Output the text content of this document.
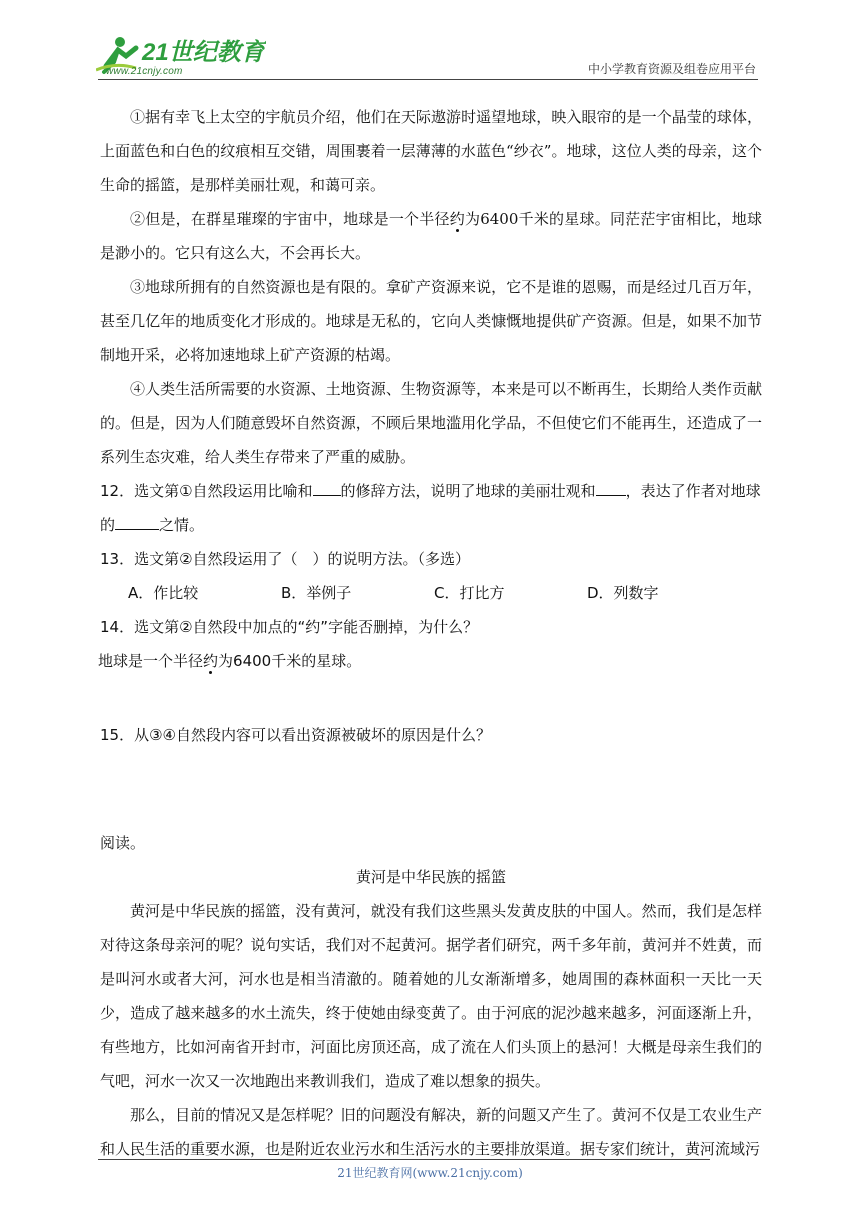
21世纪教育
www.21cnjy.com	中小学教育资源及组卷应用平台

①据有幸飞上太空的宇航员介绍，他们在天际遨游时遥望地球，映入眼帘的是一个晶莹的球体，上面蓝色和白色的纹痕相互交错，周围裹着一层薄薄的水蓝色“纱衣”。地球，这位人类的母亲，这个生命的摇篮，是那样美丽壮观，和蔼可亲。

②但是，在群星璀璨的宇宙中，地球是一个半径约为6400千米的星球。同茫茫宇宙相比，地球是渺小的。它只有这么大，不会再长大。

③地球所拥有的自然资源也是有限的。拿矿产资源来说，它不是谁的恩赐，而是经过几百万年，甚至几亿年的地质变化才形成的。地球是无私的，它向人类慷慨地提供矿产资源。但是，如果不加节制地开采，必将加速地球上矿产资源的枯竭。

④人类生活所需要的水资源、土地资源、生物资源等，本来是可以不断再生，长期给人类作贡献的。但是，因为人们随意毁坏自然资源，不顾后果地滥用化学品，不但使它们不能再生，还造成了一系列生态灾难，给人类生存带来了严重的威胁。

12．选文第①自然段运用比喻和 的修辞方法，说明了地球的美丽壮观和 ，表达了作者对地球的	之情。

13．选文第②自然段运用了（　）的说明方法。（多选）

A．作比较	B．举例子	C．打比方	D．列数字

14．选文第②自然段中加点的“约”字能否删掉，为什么？

地球是一个半径约为6400千米的星球。

15．从③④自然段内容可以看出资源被破坏的原因是什么？

阅读。

黄河是中华民族的摇篮

黄河是中华民族的摇篮，没有黄河，就没有我们这些黑头发黄皮肤的中国人。然而，我们是怎样对待这条母亲河的呢？说句实话，我们对不起黄河。据学者们研究，两千多年前，黄河并不姓黄，而是叫河水或者大河，河水也是相当清澈的。随着她的儿女渐渐增多，她周围的森林面积一天比一天少，造成了越来越多的水土流失，终于使她由绿变黄了。由于河底的泥沙越来越多，河面逐渐上升，有些地方，比如河南省开封市，河面比房顶还高，成了流在人们头顶上的悬河！大概是母亲生我们的气吧，河水一次又一次地跑出来教训我们，造成了难以想象的损失。

那么，目前的情况又是怎样呢？旧的问题没有解决，新的问题又产生了。黄河不仅是工农业生产和人民生活的重要水源，也是附近农业污水和生活污水的主要排放渠道。据专家们统计，黄河流域污

21世纪教育网(www.21cnjy.com)
